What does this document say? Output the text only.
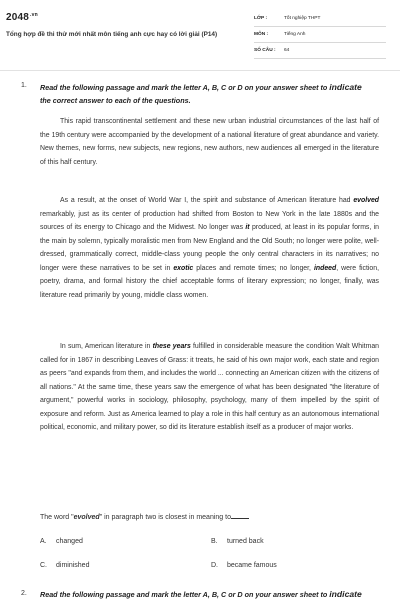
$2048^{.vn}$
Tổng hợp đề thi thử mới nhất môn tiếng anh cực hay có lời giải (P14)
LỚP :	Tốt nghiệp THPT
MÔN :	Tiếng Anh
SỐ CÂU : 64
1. Read the following passage and mark the letter A, B, C or D on your answer sheet to indicate
the correct answer to each of the questions.

This rapid transcontinental settlement and these new urban industrial circumstances of the last half of the 19th century were accompanied by the development of a national literature of great abundance and variety. New themes, new forms, new subjects, new regions, new authors, new audiences all emerged in the literature of this half century.

As a result, at the onset of World War I, the spirit and substance of American literature had evolved remarkably, just as its center of production had shifted from Boston to New York in the late 1880s and the sources of its energy to Chicago and the Midwest. No longer was it produced, at least in its popular forms, in the main by solemn, typically moralistic men from New England and the Old South; no longer were polite, well-dressed, grammatically correct, middle-class young people the only central characters in its narratives; no longer were these narratives to be set in exotic places and remote times; no longer, indeed, were fiction, poetry, drama, and formal history the chief acceptable forms of literary expression; no longer, finally, was literature read primarily by young, middle class women.

In sum, American literature in these years fulfilled in considerable measure the condition Walt Whitman called for in 1867 in describing Leaves of Grass: it treats, he said of his own major work, each state and region as peers "and expands from them, and includes the world ... connecting an American citizen with the citizens of all nations." At the same time, these years saw the emergence of what has been designated "the literature of argument," powerful works in sociology, philosophy, psychology, many of them impelled by the spirit of exposure and reform. Just as America learned to play a role in this half century as an autonomous international political, economic, and military power, so did its literature establish itself as a producer of major works.

The word "evolved" in paragraph two is closest in meaning to
A. changed	B. turned back
C. diminished	D. became famous
2. Read the following passage and mark the letter A, B, C or D on your answer sheet to indicate
